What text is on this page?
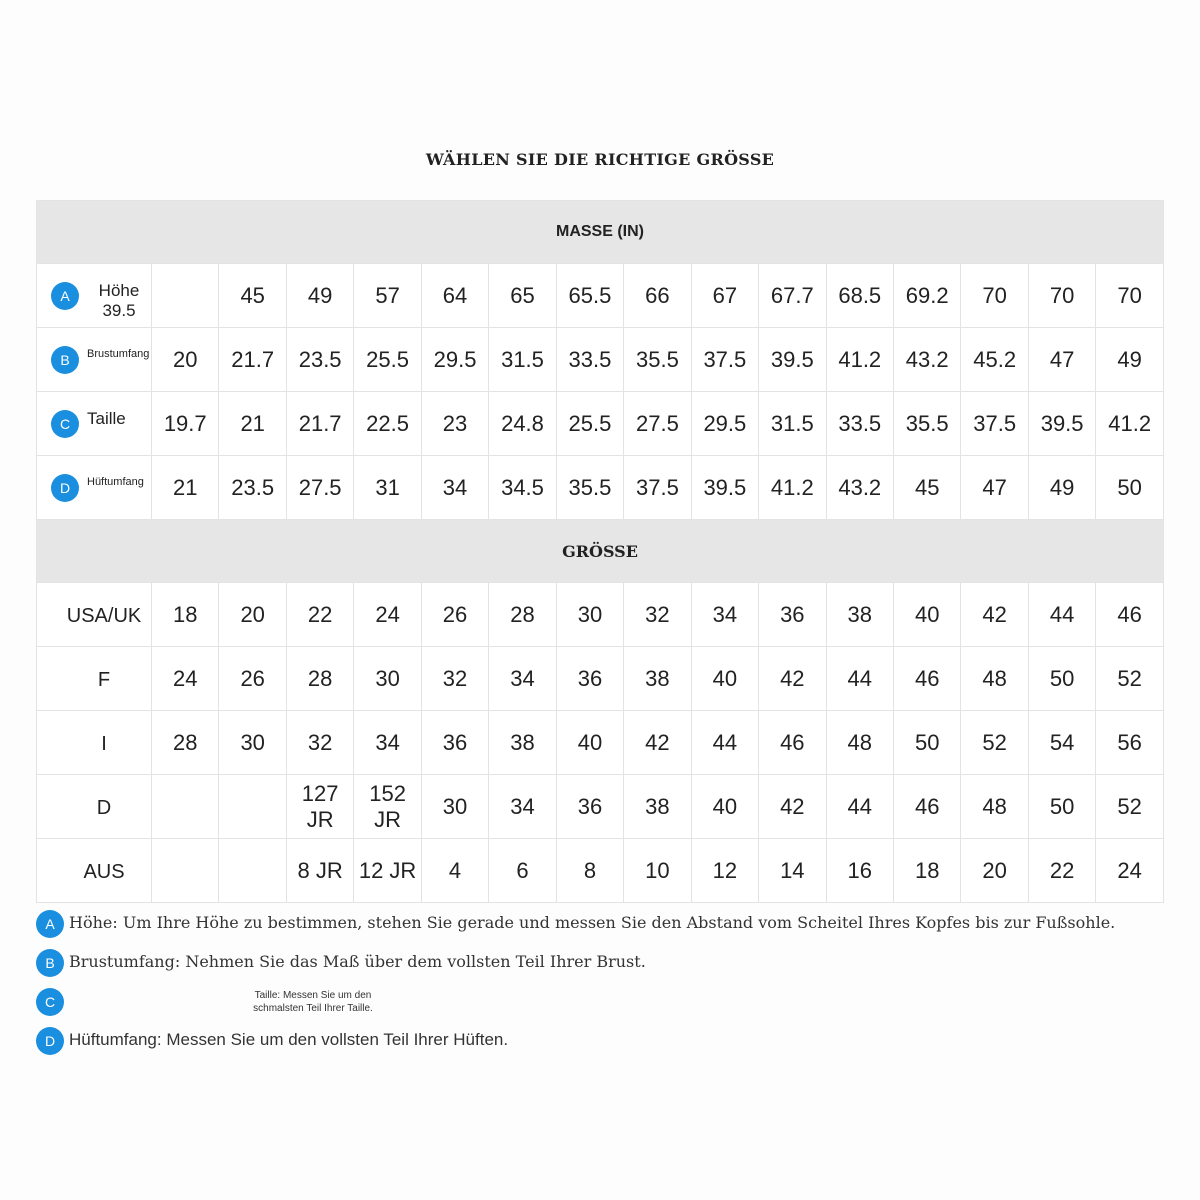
WÄHLEN SIE DIE RICHTIGE GRÖSSE
MASSE (IN)															

A Höhe 39.5		45	49	57	64	65	65.5	66	67	67.7	68.5	69.2	70	70	70

B Brustumfang	20	21.7	23.5	25.5	29.5	31.5	33.5	35.5	37.5	39.5	41.2	43.2	45.2	47	49

C Taille	19.7	21	21.7	22.5	23	24.8	25.5	27.5	29.5	31.5	33.5	35.5	37.5	39.5	41.2

D Hüftumfang	21	23.5	27.5	31	34	34.5	35.5	37.5	39.5	41.2	43.2	45	47	49	50
GRÖSSE															
USA/UK	18	20	22	24	26	28	30	32	34	36	38	40	42	44	46
F	24	26	28	30	32	34	36	38	40	42	44	46	48	50	52
I	28	30	32	34	36	38	40	42	44	46	48	50	52	54	56
D			127 JR	152 JR	30	34	36	38	40	42	44	46	48	50	52
AUS			8 JR	12 JR	4	6	8	10	12	14	16	18	20	22	24
A Höhe: Um Ihre Höhe zu bestimmen, stehen Sie gerade und messen Sie den Abstand vom Scheitel Ihres Kopfes bis zur Fußsohle.
B Brustumfang: Nehmen Sie das Maß über dem vollsten Teil Ihrer Brust.
C	Taille: Messen Sie um den schmalsten Teil Ihrer Taille.
D Hüftumfang: Messen Sie um den vollsten Teil Ihrer Hüften.
